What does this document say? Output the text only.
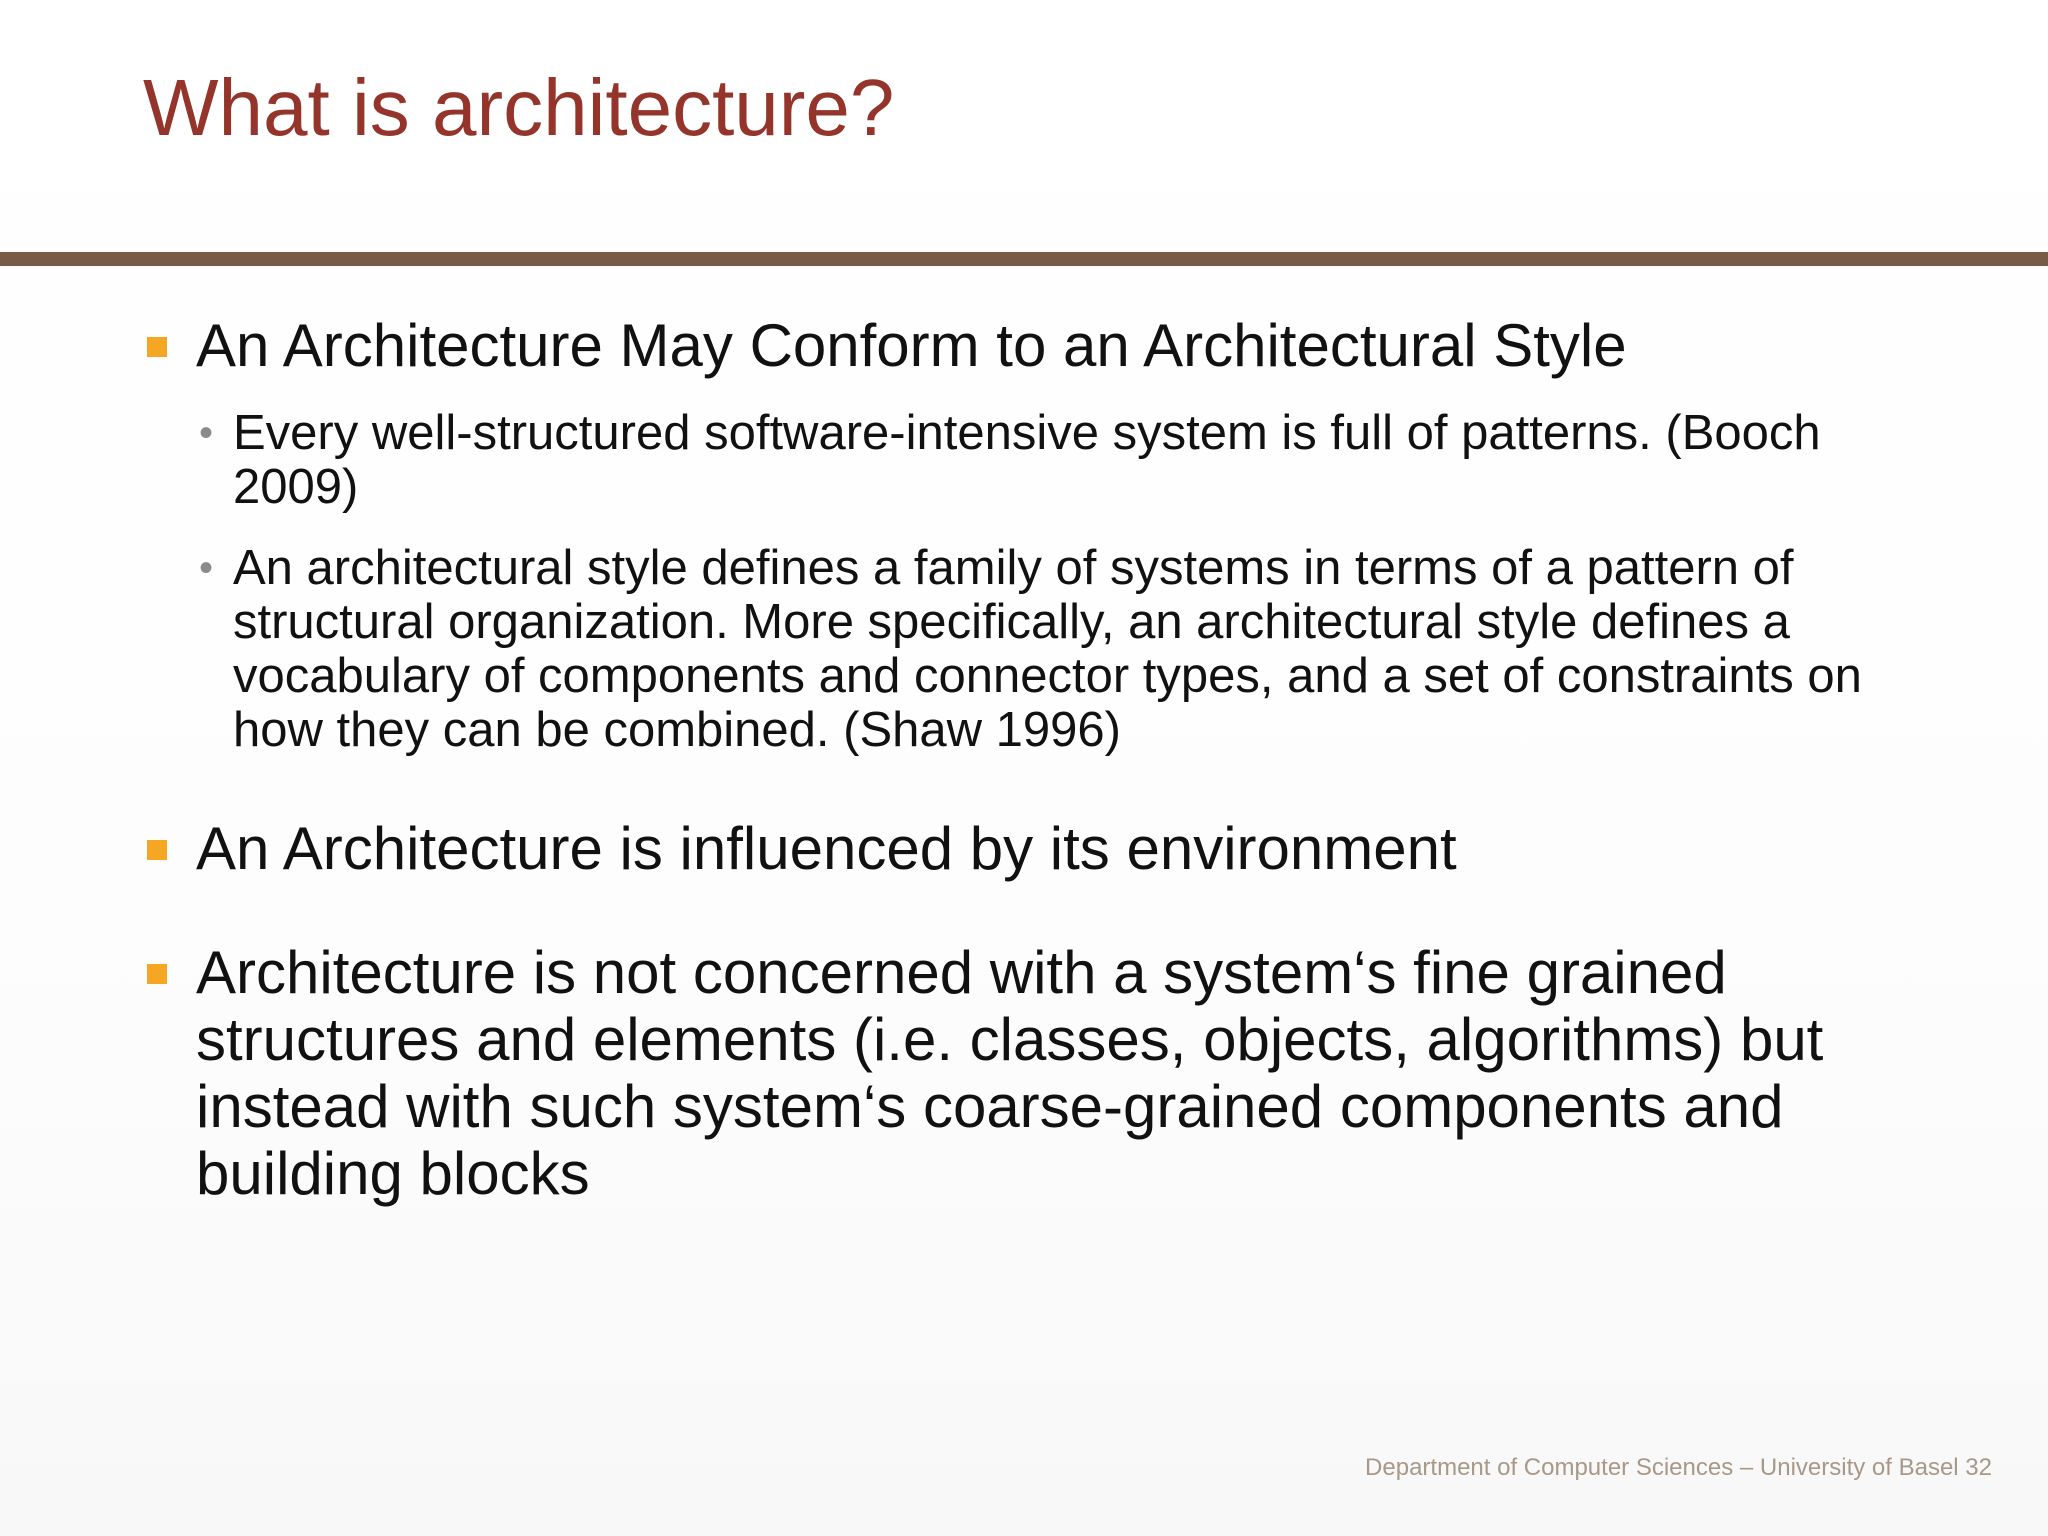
What is architecture?
An Architecture May Conform to an Architectural Style
• Every well-structured software-intensive system is full of patterns. (Booch 2009)
• An architectural style defines a family of systems in terms of a pattern of structural organization. More specifically, an architectural style defines a vocabulary of components and connector types, and a set of constraints on how they can be combined. (Shaw 1996)
An Architecture is influenced by its environment
Architecture is not concerned with a system‘s fine grained structures and elements (i.e. classes, objects, algorithms) but instead with such system‘s coarse-grained components and building blocks
Department of Computer Sciences – University of Basel 32
